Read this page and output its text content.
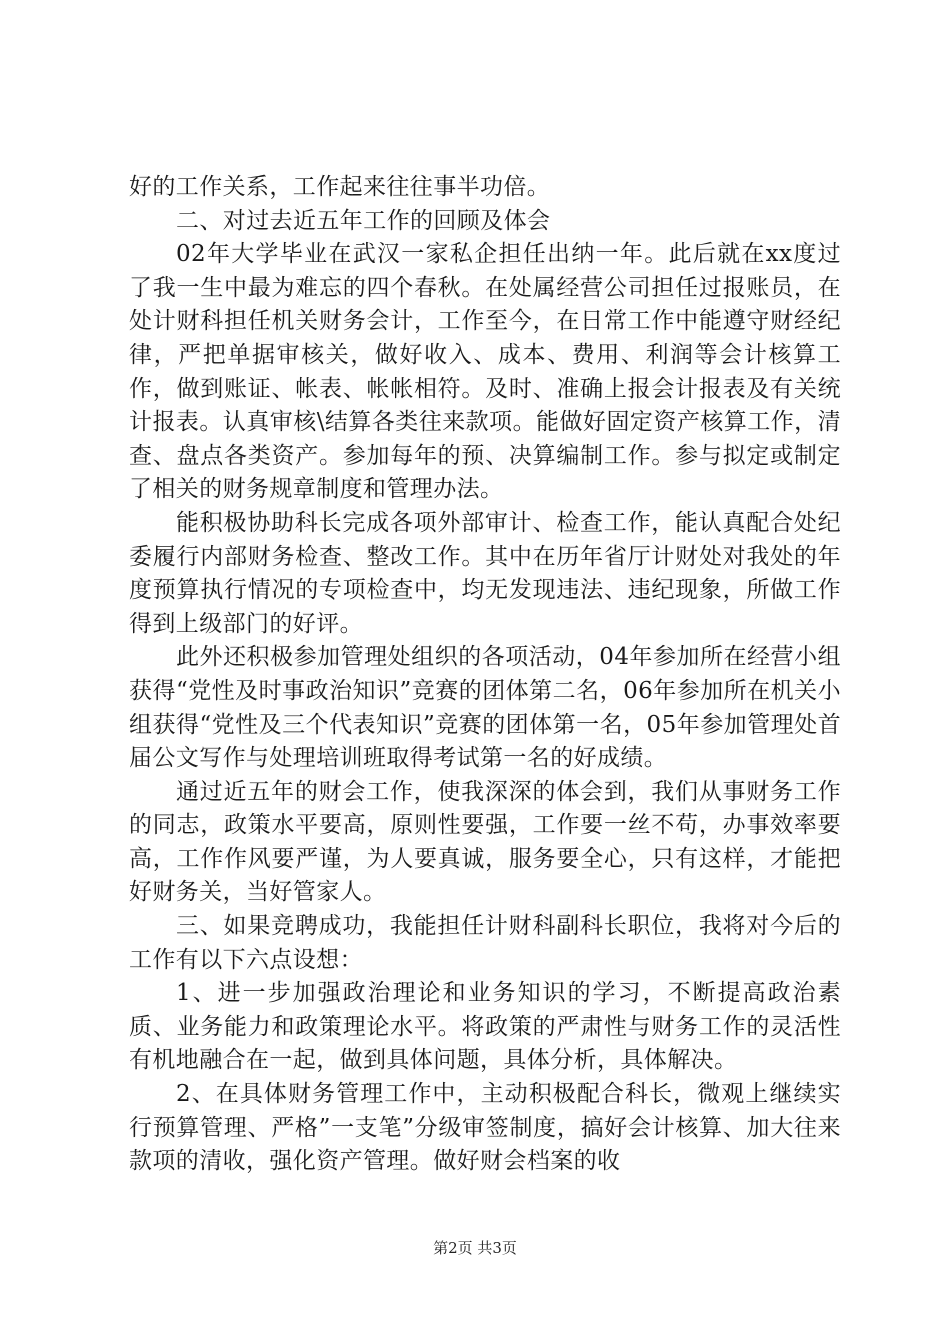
好的工作关系，工作起来往往事半功倍。

二、对过去近五年工作的回顾及体会

02年大学毕业在武汉一家私企担任出纳一年。此后就在xx度过了我一生中最为难忘的四个春秋。在处属经营公司担任过报账员，在处计财科担任机关财务会计，工作至今，在日常工作中能遵守财经纪律，严把单据审核关，做好收入、成本、费用、利润等会计核算工作，做到账证、帐表、帐帐相符。及时、准确上报会计报表及有关统计报表。认真审核\结算各类往来款项。能做好固定资产核算工作，清查、盘点各类资产。参加每年的预、决算编制工作。参与拟定或制定了相关的财务规章制度和管理办法。

能积极协助科长完成各项外部审计、检查工作，能认真配合处纪委履行内部财务检查、整改工作。其中在历年省厅计财处对我处的年度预算执行情况的专项检查中，均无发现违法、违纪现象，所做工作得到上级部门的好评。

此外还积极参加管理处组织的各项活动，04年参加所在经营小组获得“党性及时事政治知识”竞赛的团体第二名，06年参加所在机关小组获得“党性及三个代表知识”竞赛的团体第一名，05年参加管理处首届公文写作与处理培训班取得考试第一名的好成绩。

通过近五年的财会工作，使我深深的体会到，我们从事财务工作的同志，政策水平要高，原则性要强，工作要一丝不苟，办事效率要高，工作作风要严谨，为人要真诚，服务要全心，只有这样，才能把好财务关，当好管家人。

三、如果竞聘成功，我能担任计财科副科长职位，我将对今后的工作有以下六点设想：

1、进一步加强政治理论和业务知识的学习，不断提高政治素质、业务能力和政策理论水平。将政策的严肃性与财务工作的灵活性有机地融合在一起，做到具体问题，具体分析，具体解决。

2、在具体财务管理工作中，主动积极配合科长，微观上继续实行预算管理、严格”一支笔”分级审签制度，搞好会计核算、加大往来款项的清收，强化资产管理。做好财会档案的收

第2页 共3页
